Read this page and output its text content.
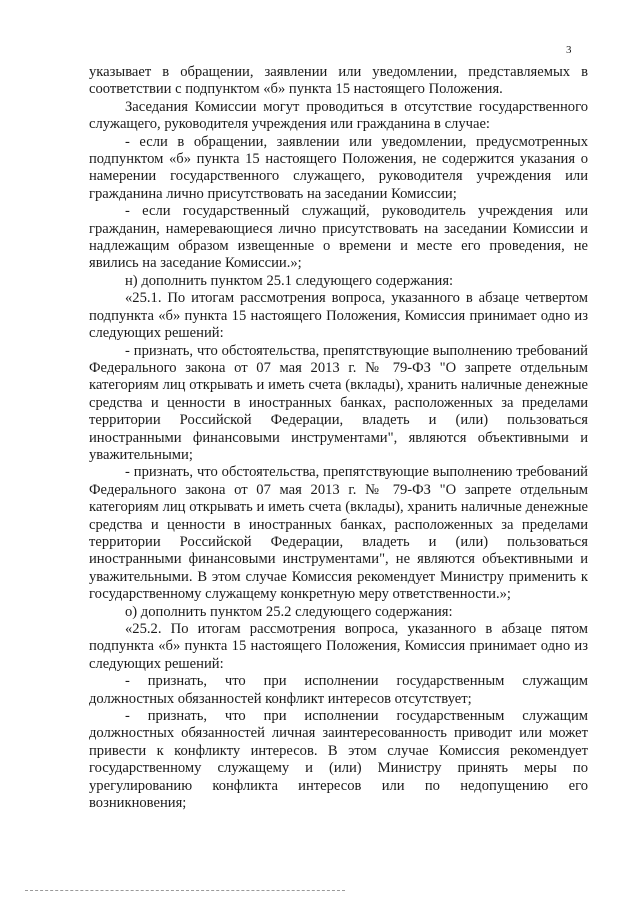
3

указывает в обращении, заявлении или уведомлении, представляемых в соответствии с подпунктом «б» пункта 15 настоящего Положения.

Заседания Комиссии могут проводиться в отсутствие государственного служащего, руководителя учреждения или гражданина в случае:

- если в обращении, заявлении или уведомлении, предусмотренных подпунктом «б» пункта 15 настоящего Положения, не содержится указания о намерении государственного служащего, руководителя учреждения или гражданина лично присутствовать на заседании Комиссии;

- если государственный служащий, руководитель учреждения или гражданин, намеревающиеся лично присутствовать на заседании Комиссии и надлежащим образом извещенные о времени и месте его проведения, не явились на заседание Комиссии.»;

н) дополнить пунктом 25.1 следующего содержания:

«25.1. По итогам рассмотрения вопроса, указанного в абзаце четвертом подпункта «б» пункта 15 настоящего Положения, Комиссия принимает одно из следующих решений:

- признать, что обстоятельства, препятствующие выполнению требований Федерального закона от 07 мая 2013 г. № 79-ФЗ "О запрете отдельным категориям лиц открывать и иметь счета (вклады), хранить наличные денежные средства и ценности в иностранных банках, расположенных за пределами территории Российской Федерации, владеть и (или) пользоваться иностранными финансовыми инструментами", являются объективными и уважительными;

- признать, что обстоятельства, препятствующие выполнению требований Федерального закона от 07 мая 2013 г. № 79-ФЗ "О запрете отдельным категориям лиц открывать и иметь счета (вклады), хранить наличные денежные средства и ценности в иностранных банках, расположенных за пределами территории Российской Федерации, владеть и (или) пользоваться иностранными финансовыми инструментами", не являются объективными и уважительными. В этом случае Комиссия рекомендует Министру применить к государственному служащему конкретную меру ответственности.»;

о) дополнить пунктом 25.2 следующего содержания:

«25.2. По итогам рассмотрения вопроса, указанного в абзаце пятом подпункта «б» пункта 15 настоящего Положения, Комиссия принимает одно из следующих решений:

- признать, что при исполнении государственным служащим должностных обязанностей конфликт интересов отсутствует;

- признать, что при исполнении государственным служащим должностных обязанностей личная заинтересованность приводит или может привести к конфликту интересов. В этом случае Комиссия рекомендует государственному служащему и (или) Министру принять меры по урегулированию конфликта интересов или по недопущению его возникновения;
